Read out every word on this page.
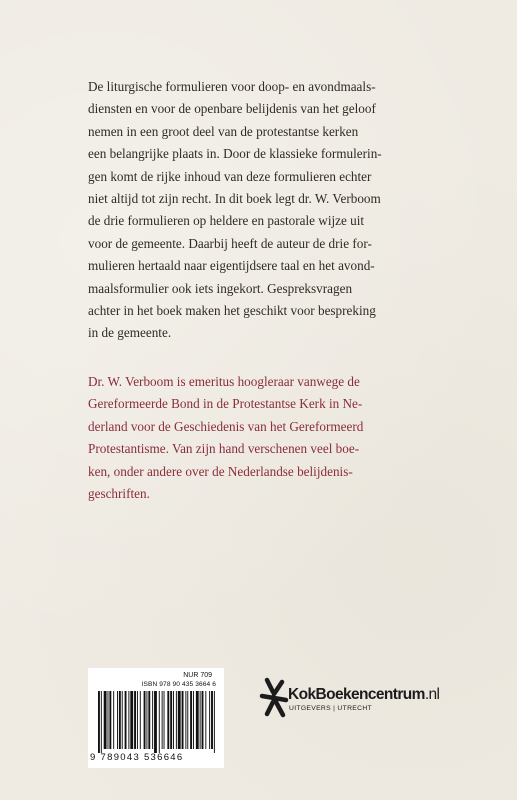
De liturgische formulieren voor doop- en avondmaals-
diensten en voor de openbare belijdenis van het geloof
nemen in een groot deel van de protestantse kerken
een belangrijke plaats in. Door de klassieke formulerin-
gen komt de rijke inhoud van deze formulieren echter
niet altijd tot zijn recht. In dit boek legt dr. W. Verboom
de drie formulieren op heldere en pastorale wijze uit
voor de gemeente. Daarbij heeft de auteur de drie for-
mulieren hertaald naar eigentijdsere taal en het avond-
maalsformulier ook iets ingekort. Gespreksvragen
achter in het boek maken het geschikt voor bespreking
in de gemeente.

Dr. W. Verboom is emeritus hoogleraar vanwege de
Gereformeerde Bond in de Protestantse Kerk in Ne-
derland voor de Geschiedenis van het Gereformeerd
Protestantisme. Van zijn hand verschenen veel boe-
ken, onder andere over de Nederlandse belijdenis-
geschriften.

NUR 709
ISBN 978 90 435 3664 6
9 789043 536646
KokBoekencentrum.nl
UITGEVERS | UTRECHT
